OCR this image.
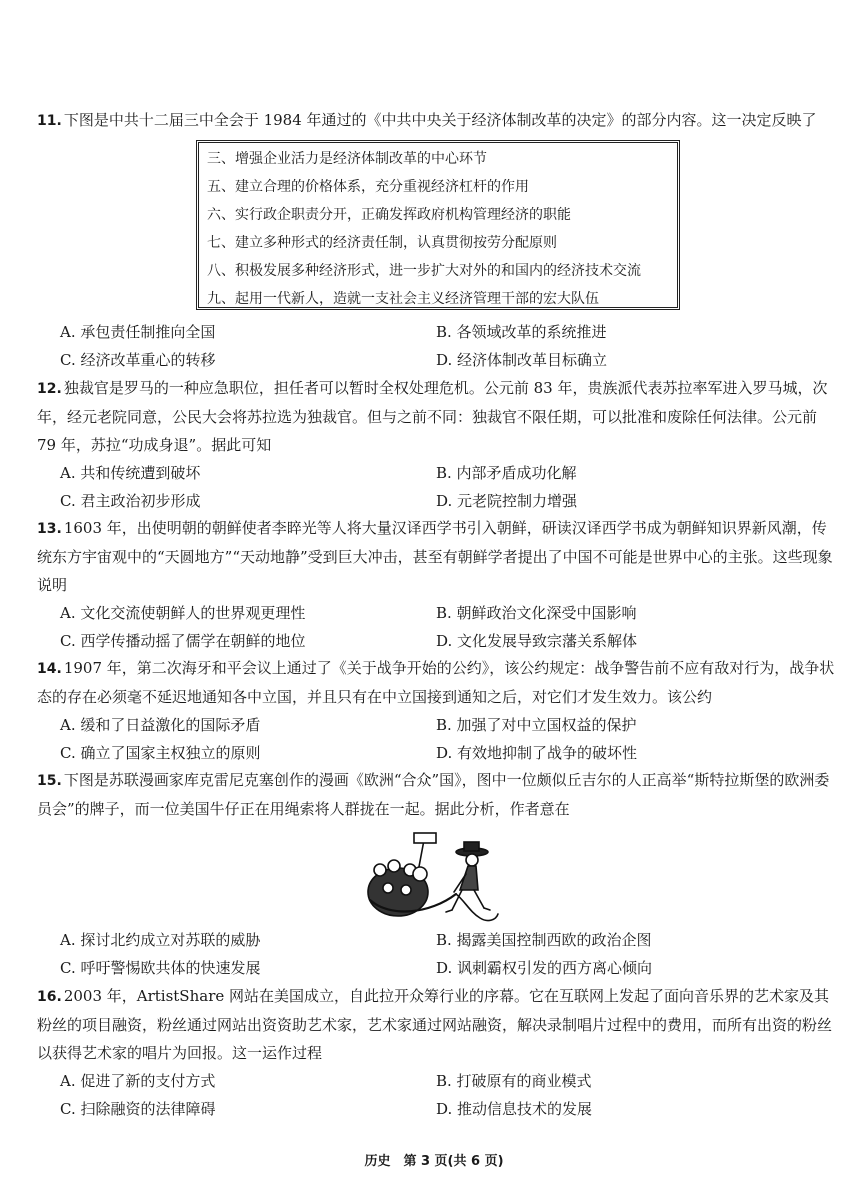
11. 下图是中共十二届三中全会于 1984 年通过的《中共中央关于经济体制改革的决定》的部分内容。这一决定反映了
三、增强企业活力是经济体制改革的中心环节
五、建立合理的价格体系，充分重视经济杠杆的作用
六、实行政企职责分开，正确发挥政府机构管理经济的职能
七、建立多种形式的经济责任制，认真贯彻按劳分配原则
八、积极发展多种经济形式，进一步扩大对外的和国内的经济技术交流
九、起用一代新人，造就一支社会主义经济管理干部的宏大队伍
A. 承包责任制推向全国	B. 各领域改革的系统推进
C. 经济改革重心的转移	D. 经济体制改革目标确立
12. 独裁官是罗马的一种应急职位，担任者可以暂时全权处理危机。公元前 83 年，贵族派代表苏拉率军进入罗马城，次年，经元老院同意，公民大会将苏拉选为独裁官。但与之前不同：独裁官不限任期，可以批准和废除任何法律。公元前 79 年，苏拉“功成身退”。据此可知
A. 共和传统遭到破坏	B. 内部矛盾成功化解
C. 君主政治初步形成	D. 元老院控制力增强
13. 1603 年，出使明朝的朝鲜使者李睟光等人将大量汉译西学书引入朝鲜，研读汉译西学书成为朝鲜知识界新风潮，传统东方宇宙观中的“天圆地方”“天动地静”受到巨大冲击，甚至有朝鲜学者提出了中国不可能是世界中心的主张。这些现象说明
A. 文化交流使朝鲜人的世界观更理性	B. 朝鲜政治文化深受中国影响
C. 西学传播动摇了儒学在朝鲜的地位	D. 文化发展导致宗藩关系解体
14. 1907 年，第二次海牙和平会议上通过了《关于战争开始的公约》，该公约规定：战争警告前不应有敌对行为，战争状态的存在必须毫不延迟地通知各中立国，并且只有在中立国接到通知之后，对它们才发生效力。该公约
A. 缓和了日益激化的国际矛盾	B. 加强了对中立国权益的保护
C. 确立了国家主权独立的原则	D. 有效地抑制了战争的破坏性
15. 下图是苏联漫画家库克雷尼克塞创作的漫画《欧洲“合众”国》，图中一位颇似丘吉尔的人正高举“斯特拉斯堡的欧洲委员会”的牌子，而一位美国牛仔正在用绳索将人群拢在一起。据此分析，作者意在
A. 探讨北约成立对苏联的威胁	B. 揭露美国控制西欧的政治企图
C. 呼吁警惕欧共体的快速发展	D. 讽刺霸权引发的西方离心倾向
16. 2003 年，ArtistShare 网站在美国成立，自此拉开众筹行业的序幕。它在互联网上发起了面向音乐界的艺术家及其粉丝的项目融资，粉丝通过网站出资资助艺术家，艺术家通过网站融资，解决录制唱片过程中的费用，而所有出资的粉丝以获得艺术家的唱片为回报。这一运作过程
A. 促进了新的支付方式	B. 打破原有的商业模式
C. 扫除融资的法律障碍	D. 推动信息技术的发展
历史　第 3 页(共 6 页)
